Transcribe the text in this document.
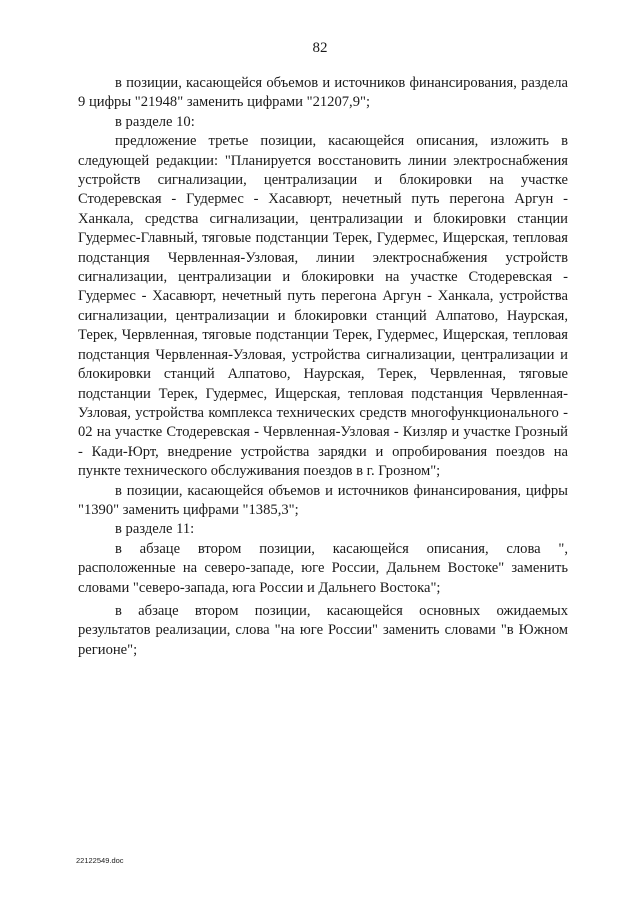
82

в позиции, касающейся объемов и источников финансирования, раздела 9 цифры "21948" заменить цифрами "21207,9";

в разделе 10:

предложение третье позиции, касающейся описания, изложить в следующей редакции: "Планируется восстановить линии электроснабжения устройств сигнализации, централизации и блокировки на участке Стодеревская - Гудермес - Хасавюрт, нечетный путь перегона Аргун - Ханкала, средства сигнализации, централизации и блокировки станции Гудермес-Главный, тяговые подстанции Терек, Гудермес, Ищерская, тепловая подстанция Червленная-Узловая, линии электроснабжения устройств сигнализации, централизации и блокировки на участке Стодеревская - Гудермес - Хасавюрт, нечетный путь перегона Аргун - Ханкала, устройства сигнализации, централизации и блокировки станций Алпатово, Наурская, Терек, Червленная, тяговые подстанции Терек, Гудермес, Ищерская, тепловая подстанция Червленная-Узловая, устройства сигнализации, централизации и блокировки станций Алпатово, Наурская, Терек, Червленная, тяговые подстанции Терек, Гудермес, Ищерская, тепловая подстанция Червленная-Узловая, устройства комплекса технических средств многофункционального - 02 на участке Стодеревская - Червленная-Узловая - Кизляр и участке Грозный - Кади-Юрт, внедрение устройства зарядки и опробирования поездов на пункте технического обслуживания поездов в г. Грозном";

в позиции, касающейся объемов и источников финансирования, цифры "1390" заменить цифрами "1385,3";

в разделе 11:

в абзаце втором позиции, касающейся описания, слова ", расположенные на северо-западе, юге России, Дальнем Востоке" заменить словами "северо-запада, юга России и Дальнего Востока";

в абзаце втором позиции, касающейся основных ожидаемых результатов реализации, слова "на юге России" заменить словами "в Южном регионе";

22122549.doc
